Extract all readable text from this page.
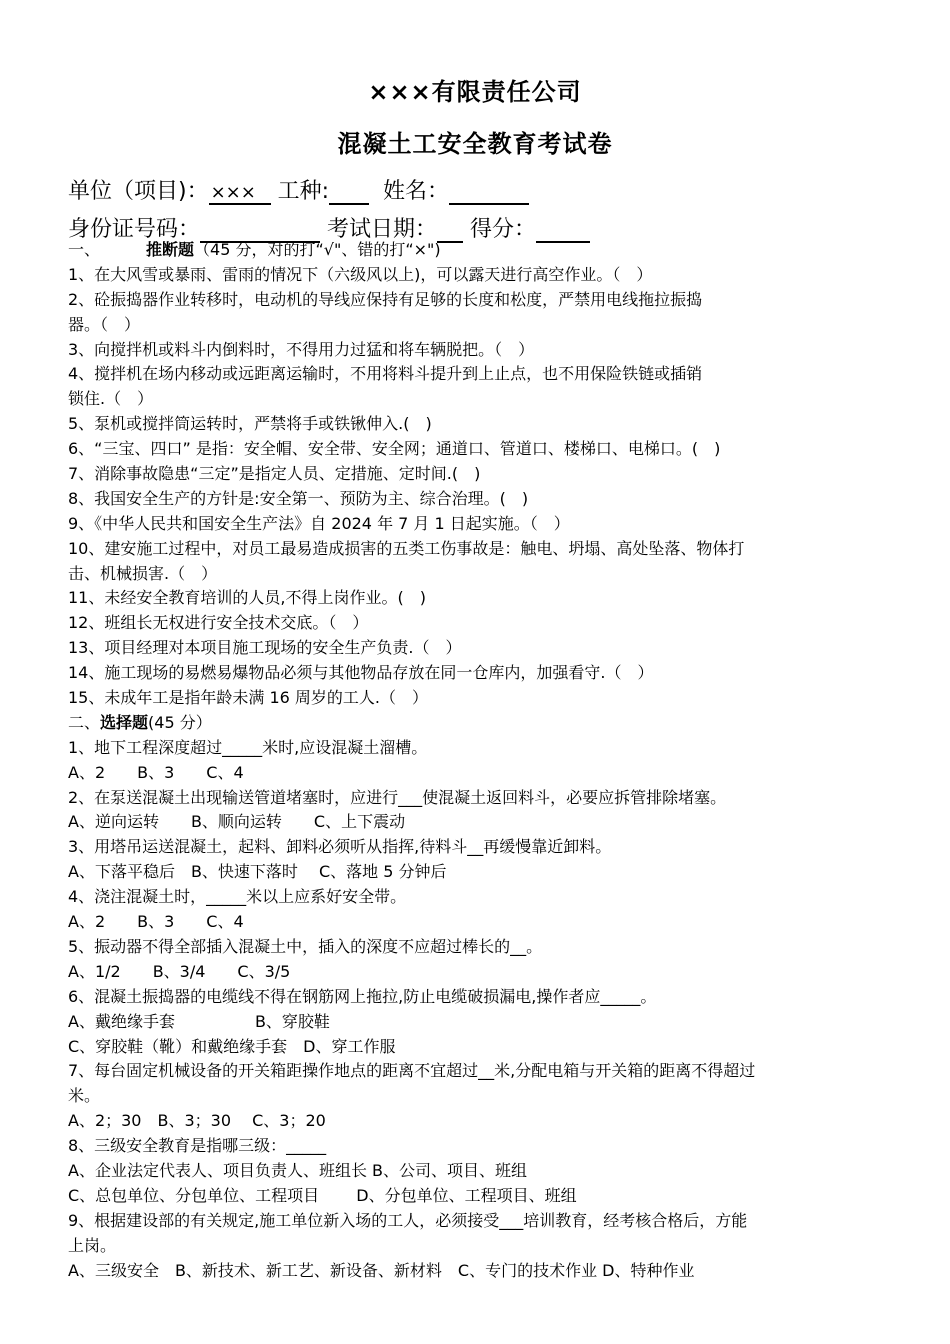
×××有限责任公司
混凝土工安全教育考试卷
单位（项目)： ××× 工种: 姓名：
身份证号码：	考试日期： 得分：
一、	推断题（45 分，对的打“√"、错的打“×")
1、在大风雪或暴雨、雷雨的情况下（六级风以上)，可以露天进行高空作业。（　）
2、砼振捣器作业转移时，电动机的导线应保持有足够的长度和松度，严禁用电线拖拉振捣
器。（　）
3、向搅拌机或料斗内倒料时，不得用力过猛和将车辆脱把。（　）
4、搅拌机在场内移动或远距离运输时，不用将料斗提升到上止点，也不用保险铁链或插销
锁住.（　）
5、泵机或搅拌筒运转时，严禁将手或铁锹伸入.(　)
6、“三宝、四口” 是指：安全帽、安全带、安全网；通道口、管道口、楼梯口、电梯口。(　)
7、消除事故隐患“三定”是指定人员、定措施、定时间.(　)
8、我国安全生产的方针是:安全第一、预防为主、综合治理。(　)
9、《中华人民共和国安全生产法》自 2024 年 7 月 1 日起实施。（　）
10、建安施工过程中，对员工最易造成损害的五类工伤事故是：触电、坍塌、高处坠落、物体打
击、机械损害.（　）
11、未经安全教育培训的人员,不得上岗作业。(　)
12、班组长无权进行安全技术交底。（　）
13、项目经理对本项目施工现场的安全生产负责.（　）
14、施工现场的易燃易爆物品必须与其他物品存放在同一仓库内，加强看守.（　）
15、未成年工是指年龄未满 16 周岁的工人.（　）
二、选择题(45 分）
1、地下工程深度超过_____米时,应设混凝土溜槽。
A、2　　B、3　　C、4
2、在泵送混凝土出现输送管道堵塞时，应进行___使混凝土返回料斗，必要应拆管排除堵塞。
A、逆向运转　　B、顺向运转　　C、上下震动
3、用塔吊运送混凝土，起料、卸料必须听从指挥,待料斗__再缓慢靠近卸料。
A、下落平稳后　B、快速下落时　 C、落地 5 分钟后
4、浇注混凝土时，_____米以上应系好安全带。
A、2　　B、3　　C、4
5、振动器不得全部插入混凝土中，插入的深度不应超过棒长的__。
A、1/2　　B、3/4　　C、3/5
6、混凝土振捣器的电缆线不得在钢筋网上拖拉,防止电缆破损漏电,操作者应_____。
A、戴绝缘手套　　　　　B、穿胶鞋
C、穿胶鞋（靴）和戴绝缘手套　D、穿工作服
7、每台固定机械设备的开关箱距操作地点的距离不宜超过__米,分配电箱与开关箱的距离不得超过
米。
A、2；30　B、3；30　 C、3；20
8、三级安全教育是指哪三级：_____
A、企业法定代表人、项目负责人、班组长 B、公司、项目、班组
C、总包单位、分包单位、工程项目　　 D、分包单位、工程项目、班组
9、根据建设部的有关规定,施工单位新入场的工人，必须接受___培训教育，经考核合格后，方能
上岗。
A、三级安全　B、新技术、新工艺、新设备、新材料　C、专门的技术作业 D、特种作业
